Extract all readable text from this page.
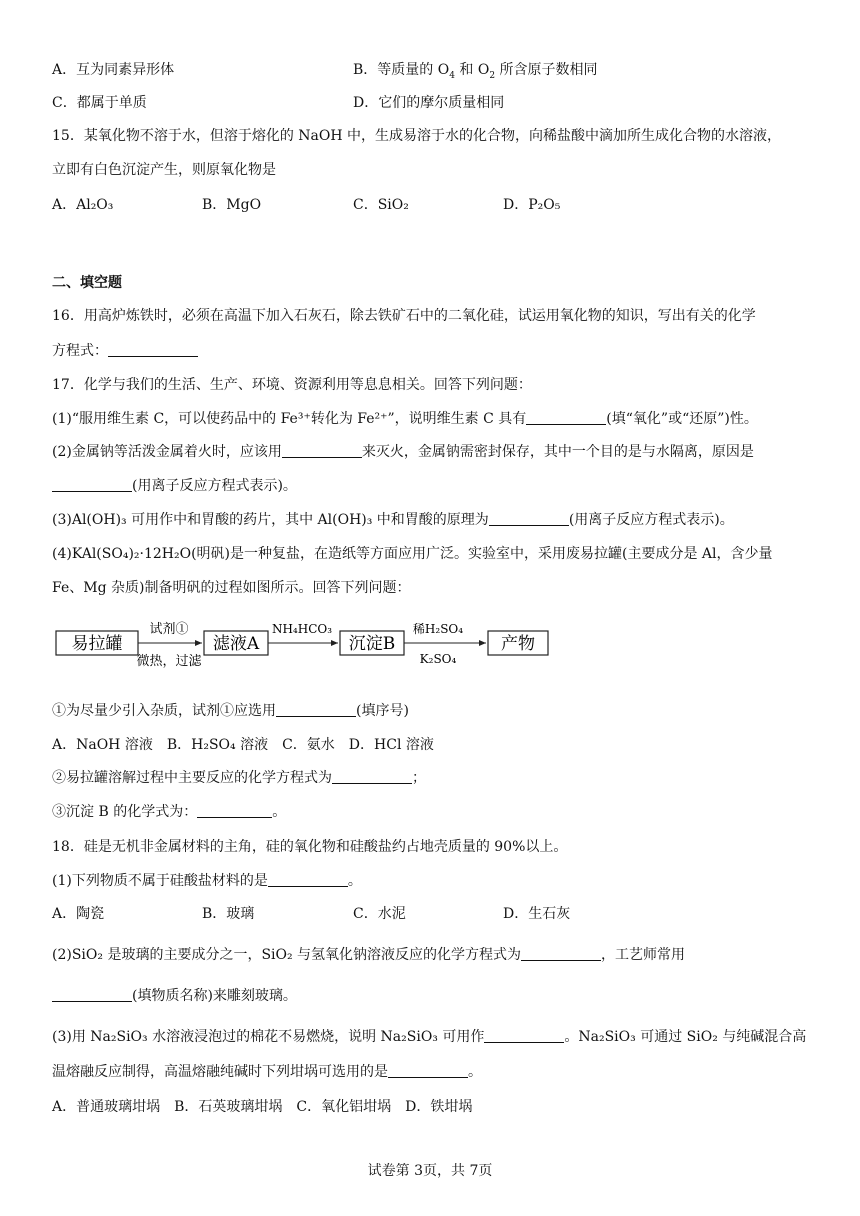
A．互为同素异形体	B．等质量的 $O_4$ 和 $O_2$ 所含原子数相同
C．都属于单质	D．它们的摩尔质量相同
15．某氧化物不溶于水，但溶于熔化的 NaOH 中，生成易溶于水的化合物，向稀盐酸中滴加所生成化合物的水溶液，
立即有白色沉淀产生，则原氧化物是
A．Al₂O₃	B．MgO	C．SiO₂	D．P₂O₅
二、填空题
16．用高炉炼铁时，必须在高温下加入石灰石，除去铁矿石中的二氧化硅，试运用氧化物的知识，写出有关的化学
方程式：
17．化学与我们的生活、生产、环境、资源利用等息息相关。回答下列问题：
(1)“服用维生素 C，可以使药品中的 Fe³⁺转化为 Fe²⁺”，说明维生素 C 具有	(填“氧化”或“还原”)性。
(2)金属钠等活泼金属着火时，应该用	来灭火，金属钠需密封保存，其中一个目的是与水隔离，原因是
(用离子反应方程式表示)。
(3)Al(OH)₃ 可用作中和胃酸的药片，其中 Al(OH)₃ 中和胃酸的原理为	(用离子反应方程式表示)。
(4)KAl(SO₄)₂·12H₂O(明矾)是一种复盐，在造纸等方面应用广泛。实验室中，采用废易拉罐(主要成分是 Al，含少量
Fe、Mg 杂质)制备明矾的过程如图所示。回答下列问题：
易拉罐
试剂①
微热，过滤
滤液A
NH₄HCO₃
沉淀B
稀H₂SO₄
K₂SO₄
产物
①为尽量少引入杂质，试剂①应选用	(填序号)
A．NaOH 溶液　B．H₂SO₄ 溶液　C．氨水　D．HCl 溶液
②易拉罐溶解过程中主要反应的化学方程式为	；
③沉淀 B 的化学式为：	。
18．硅是无机非金属材料的主角，硅的氧化物和硅酸盐约占地壳质量的 90%以上。
(1)下列物质不属于硅酸盐材料的是	。
A．陶瓷	B．玻璃	C．水泥	D．生石灰
(2)SiO₂ 是玻璃的主要成分之一，SiO₂ 与氢氧化钠溶液反应的化学方程式为	，工艺师常用
(填物质名称)来雕刻玻璃。
(3)用 Na₂SiO₃ 水溶液浸泡过的棉花不易燃烧，说明 Na₂SiO₃ 可用作	。Na₂SiO₃ 可通过 SiO₂ 与纯碱混合高
温熔融反应制得，高温熔融纯碱时下列坩埚可选用的是	。
A．普通玻璃坩埚　B．石英玻璃坩埚　C．氧化铝坩埚　D．铁坩埚
试卷第 3页，共 7页
